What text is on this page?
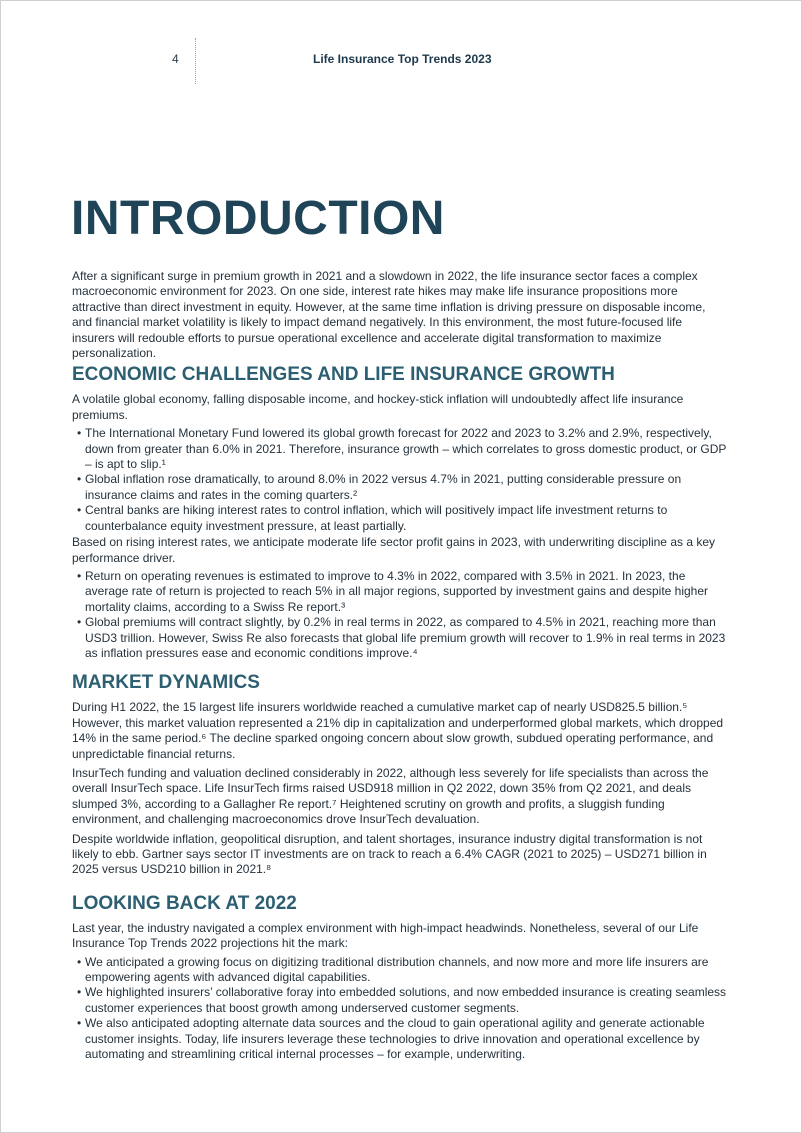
4	Life Insurance Top Trends 2023
INTRODUCTION

After a significant surge in premium growth in 2021 and a slowdown in 2022, the life insurance sector faces a complex macroeconomic environment for 2023. On one side, interest rate hikes may make life insurance propositions more attractive than direct investment in equity. However, at the same time inflation is driving pressure on disposable income, and financial market volatility is likely to impact demand negatively. In this environment, the most future-focused life insurers will redouble efforts to pursue operational excellence and accelerate digital transformation to maximize personalization.

ECONOMIC CHALLENGES AND LIFE INSURANCE GROWTH

A volatile global economy, falling disposable income, and hockey-stick inflation will undoubtedly affect life insurance premiums.

• The International Monetary Fund lowered its global growth forecast for 2022 and 2023 to 3.2% and 2.9%, respectively, down from greater than 6.0% in 2021. Therefore, insurance growth – which correlates to gross domestic product, or GDP – is apt to slip.¹
• Global inflation rose dramatically, to around 8.0% in 2022 versus 4.7% in 2021, putting considerable pressure on insurance claims and rates in the coming quarters.²
• Central banks are hiking interest rates to control inflation, which will positively impact life investment returns to counterbalance equity investment pressure, at least partially.

Based on rising interest rates, we anticipate moderate life sector profit gains in 2023, with underwriting discipline as a key performance driver.

• Return on operating revenues is estimated to improve to 4.3% in 2022, compared with 3.5% in 2021. In 2023, the average rate of return is projected to reach 5% in all major regions, supported by investment gains and despite higher mortality claims, according to a Swiss Re report.³
• Global premiums will contract slightly, by 0.2% in real terms in 2022, as compared to 4.5% in 2021, reaching more than USD3 trillion. However, Swiss Re also forecasts that global life premium growth will recover to 1.9% in real terms in 2023 as inflation pressures ease and economic conditions improve.⁴
MARKET DYNAMICS

During H1 2022, the 15 largest life insurers worldwide reached a cumulative market cap of nearly USD825.5 billion.⁵ However, this market valuation represented a 21% dip in capitalization and underperformed global markets, which dropped 14% in the same period.⁶ The decline sparked ongoing concern about slow growth, subdued operating performance, and unpredictable financial returns.

InsurTech funding and valuation declined considerably in 2022, although less severely for life specialists than across the overall InsurTech space. Life InsurTech firms raised USD918 million in Q2 2022, down 35% from Q2 2021, and deals slumped 3%, according to a Gallagher Re report.⁷ Heightened scrutiny on growth and profits, a sluggish funding environment, and challenging macroeconomics drove InsurTech devaluation.

Despite worldwide inflation, geopolitical disruption, and talent shortages, insurance industry digital transformation is not likely to ebb. Gartner says sector IT investments are on track to reach a 6.4% CAGR (2021 to 2025) – USD271 billion in 2025 versus USD210 billion in 2021.⁸

LOOKING BACK AT 2022

Last year, the industry navigated a complex environment with high-impact headwinds. Nonetheless, several of our Life Insurance Top Trends 2022 projections hit the mark:

• We anticipated a growing focus on digitizing traditional distribution channels, and now more and more life insurers are empowering agents with advanced digital capabilities.
• We highlighted insurers’ collaborative foray into embedded solutions, and now embedded insurance is creating seamless customer experiences that boost growth among underserved customer segments.
• We also anticipated adopting alternate data sources and the cloud to gain operational agility and generate actionable customer insights. Today, life insurers leverage these technologies to drive innovation and operational excellence by automating and streamlining critical internal processes – for example, underwriting.
